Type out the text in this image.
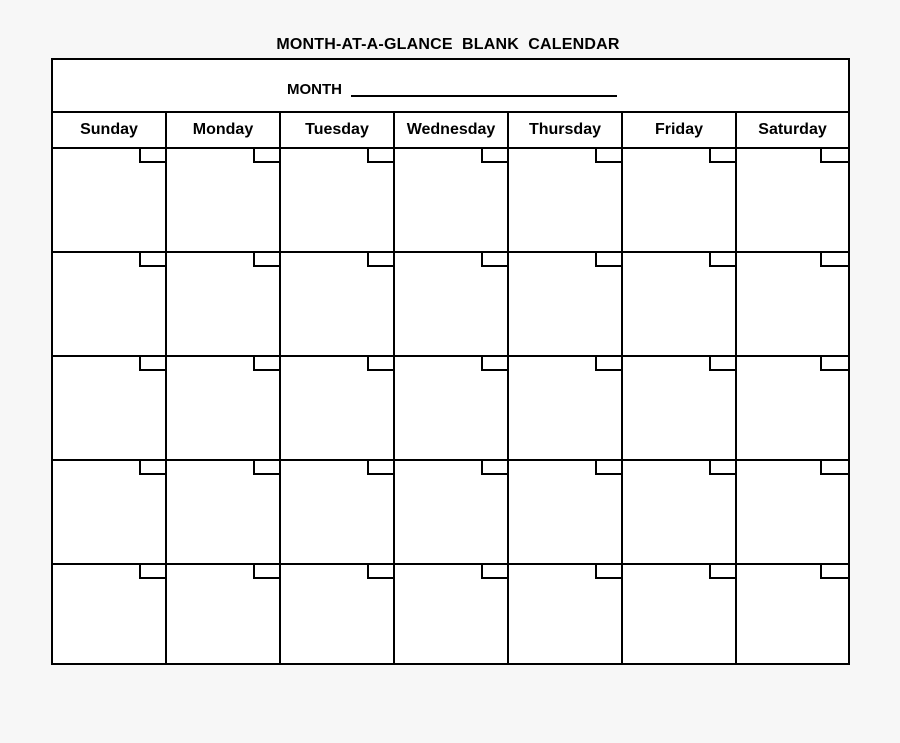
MONTH-AT-A-GLANCE  BLANK  CALENDAR
MONTH
Sunday	Monday	Tuesday	Wednesday	Thursday	Friday	Saturday
